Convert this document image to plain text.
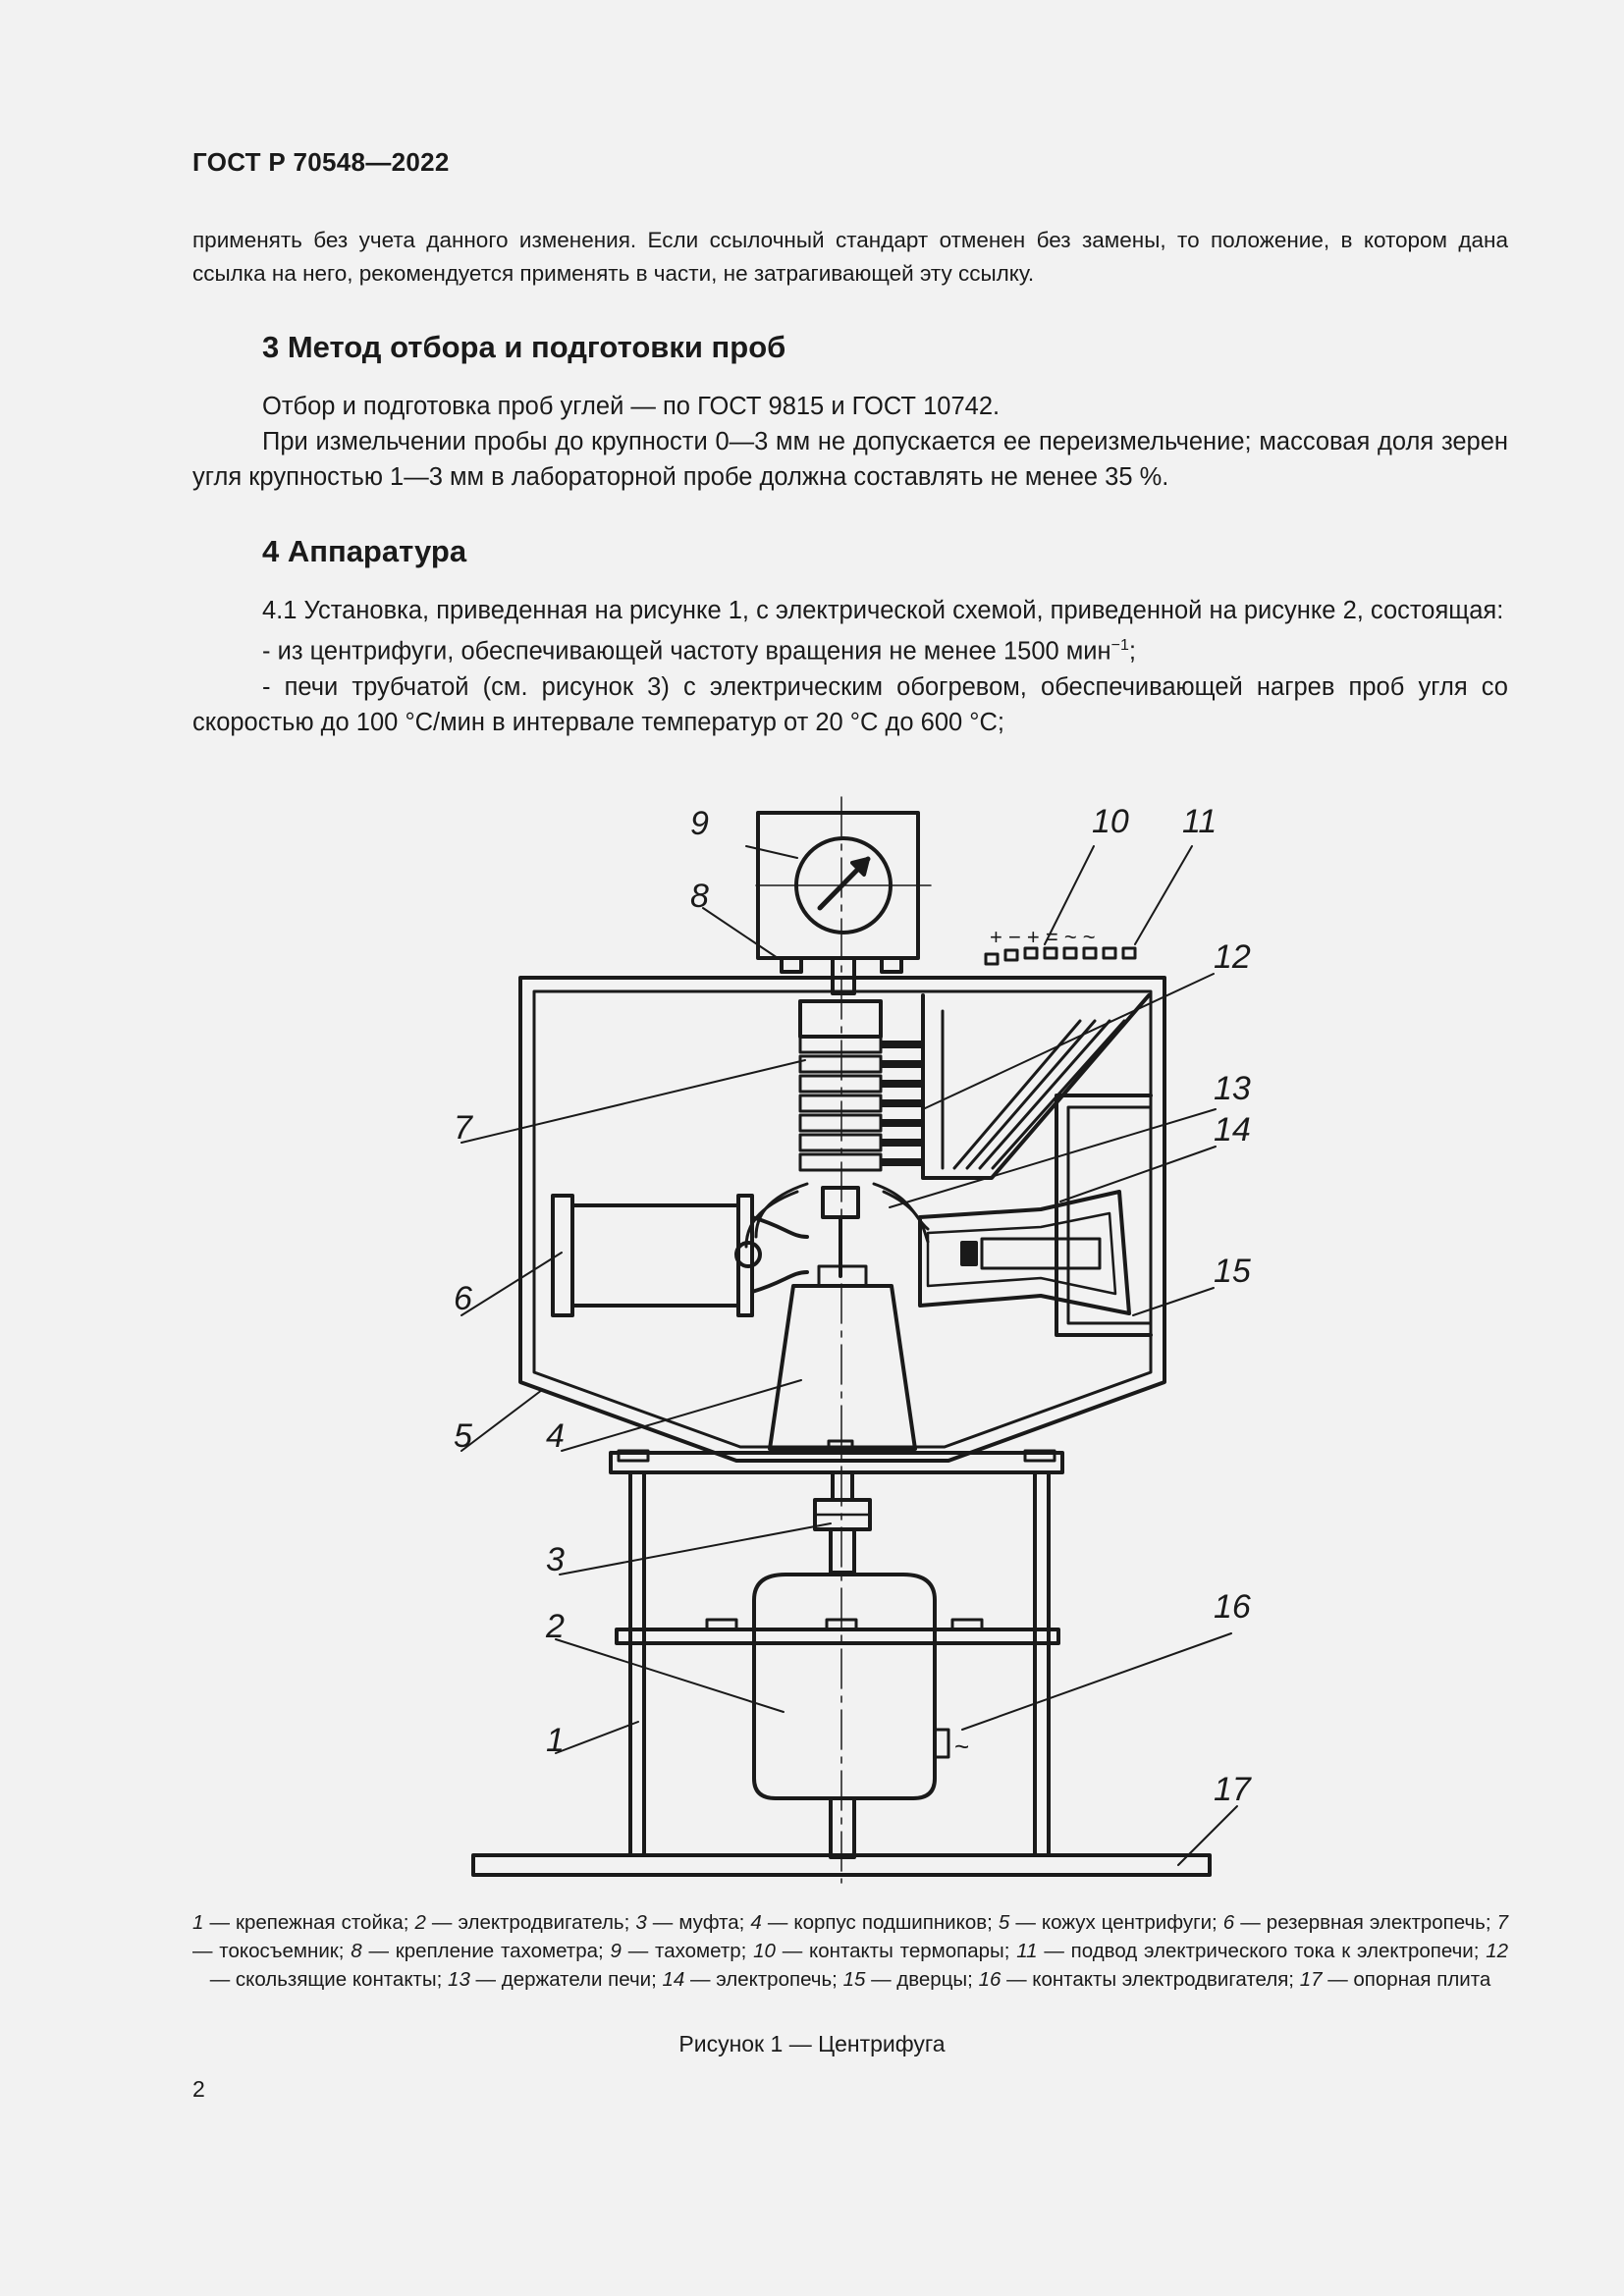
ГОСТ Р 70548—2022
применять без учета данного изменения. Если ссылочный стандарт отменен без замены, то положение, в котором дана ссылка на него, рекомендуется применять в части, не затрагивающей эту ссылку.
3 Метод отбора и подготовки проб

Отбор и подготовка проб углей — по ГОСТ 9815 и ГОСТ 10742.

При измельчении пробы до крупности 0—3 мм не допускается ее переизмельчение; массовая доля зерен угля крупностью 1—3 мм в лабораторной пробе должна составлять не менее 35 %.

4 Аппаратура

4.1 Установка, приведенная на рисунке 1, с электрической схемой, приведенной на рисунке 2, состоящая:

- из центрифуги, обеспечивающей частоту вращения не менее 1500 мин$^{-1}$;

- печи трубчатой (см. рисунок 3) с электрическим обогревом, обеспечивающей нагрев проб угля со скоростью до 100 °С/мин в интервале температур от 20 °С до 600 °С;

+ − + = ~ ~
~
9
8
10 11
12
7
13
14
6
15
5 4
3
2
1
16
17
1 — крепежная стойка; 2 — электродвигатель; 3 — муфта; 4 — корпус подшипников; 5 — кожух центрифуги; 6 — резервная электропечь; 7 — токосъемник; 8 — крепление тахометра; 9 — тахометр; 10 — контакты термопары; 11 — подвод электрического тока к электропечи; 12 — скользящие контакты; 13 — держатели печи; 14 — электропечь; 15 — дверцы; 16 — контакты электродвигателя; 17 — опорная плита
Рисунок 1 — Центрифуга
2
